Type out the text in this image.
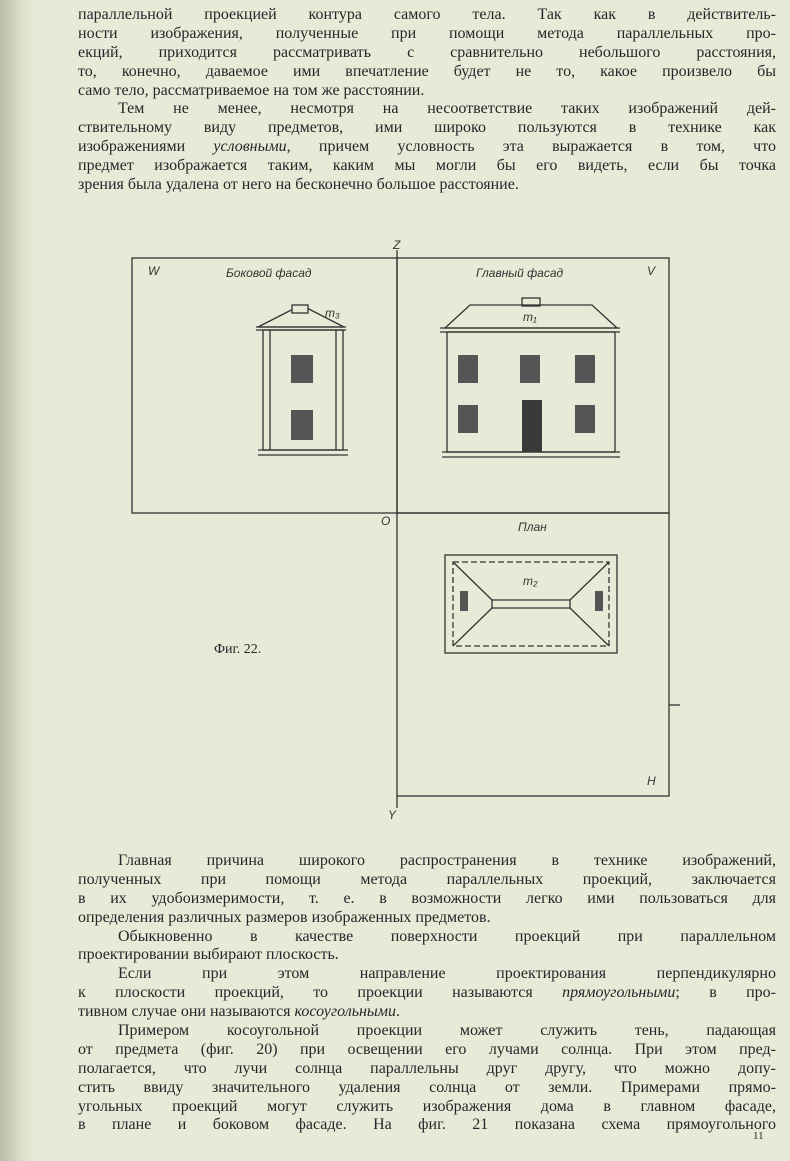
параллельной проекцией контура самого тела. Так как в действитель-
ности изображения, полученные при помощи метода параллельных про-
екций, приходится рассматривать с сравнительно небольшого расстояния,
то, конечно, даваемое ими впечатление будет не то, какое произвело бы
само тело, рассматриваемое на том же расстоянии.
Тем не менее, несмотря на несоответствие таких изображений дей-
ствительному виду предметов, ими широко пользуются в технике как
изображениями условными, причем условность эта выражается в том, что
предмет изображается таким, каким мы могли бы его видеть, если бы точка
зрения была удалена от него на бесконечно большое расстояние.
W
Z
V
O
H
Y
Боковой фасад	Главный фасад
План
m₃	m₁
m₂
Фиг. 22.
Главная причина широкого распространения в технике изображений,
полученных при помощи метода параллельных проекций, заключается
в их удобоизмеримости, т. е. в возможности легко ими пользоваться для
определения различных размеров изображенных предметов.
Обыкновенно в качестве поверхности проекций при параллельном
проектировании выбирают плоскость.
Если при этом направление проектирования перпендикулярно
к плоскости проекций, то проекции называются прямоугольными; в про-
тивном случае они называются косоугольными.
Примером косоугольной проекции может служить тень, падающая
от предмета (фиг. 20) при освещении его лучами солнца. При этом пред-
полагается, что лучи солнца параллельны друг другу, что можно допу-
стить ввиду значительного удаления солнца от земли. Примерами прямо-
угольных проекций могут служить изображения дома в главном фасаде,
в плане и боковом фасаде. На фиг. 21 показана схема прямоугольного
11
